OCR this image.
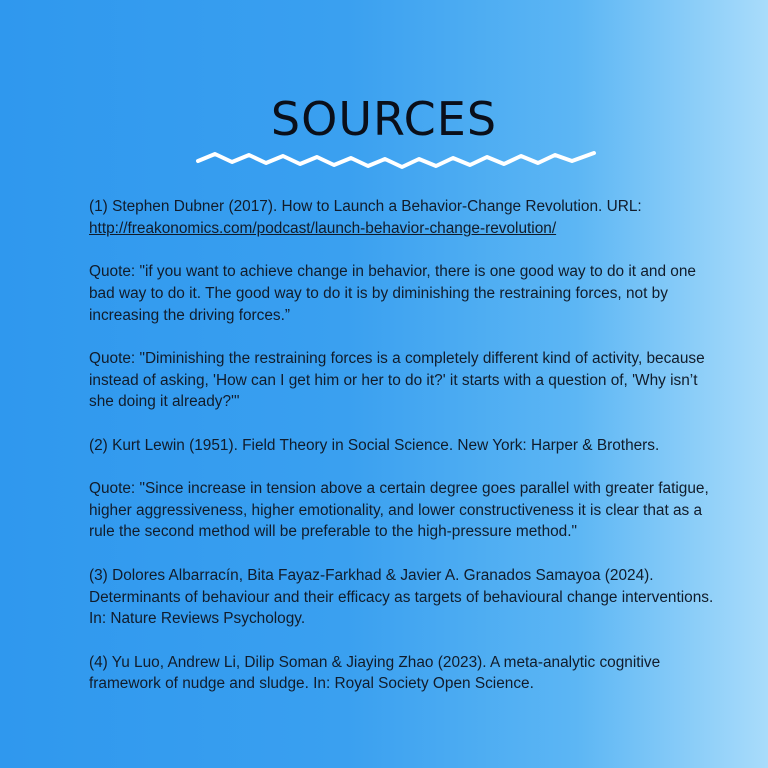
SOURCES

(1) Stephen Dubner (2017). How to Launch a Behavior-Change Revolution. URL:
http://freakonomics.com/podcast/launch-behavior-change-revolution/

Quote: "if you want to achieve change in behavior, there is one good way to do it and one bad way to do it. The good way to do it is by diminishing the restraining forces, not by increasing the driving forces.”

Quote: "Diminishing the restraining forces is a completely different kind of activity, because instead of asking, 'How can I get him or her to do it?' it starts with a question of, 'Why isn’t she doing it already?'"

(2) Kurt Lewin (1951). Field Theory in Social Science. New York: Harper & Brothers.

Quote: "Since increase in tension above a certain degree goes parallel with greater fatigue, higher aggressiveness, higher emotionality, and lower constructiveness it is clear that as a rule the second method will be preferable to the high-pressure method."

(3) Dolores Albarracín, Bita Fayaz-Farkhad & Javier A. Granados Samayoa (2024). Determinants of behaviour and their efficacy as targets of behavioural change interventions. In: Nature Reviews Psychology.

(4) Yu Luo, Andrew Li, Dilip Soman & Jiaying Zhao (2023). A meta-analytic cognitive framework of nudge and sludge. In: Royal Society Open Science.
